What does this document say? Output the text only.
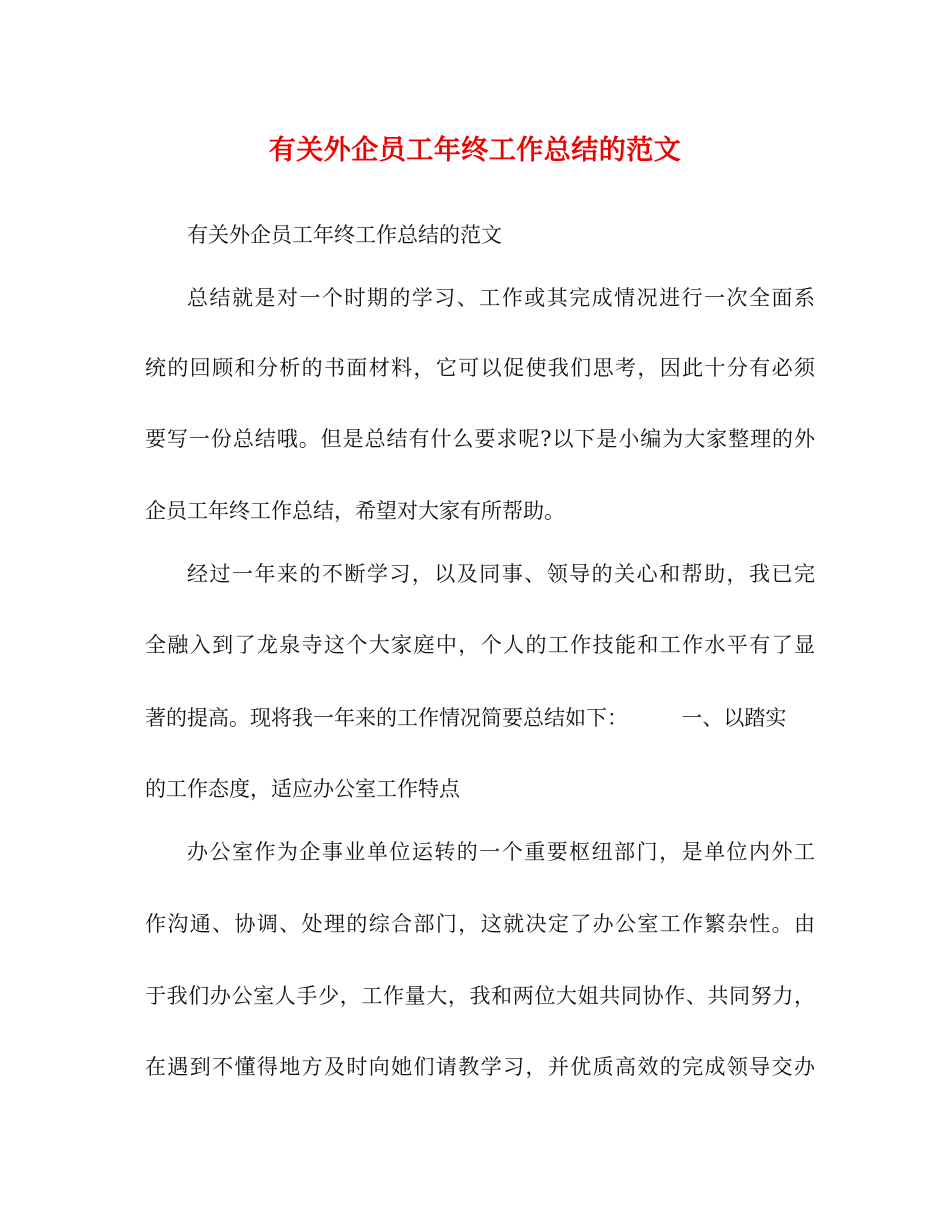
有关外企员工年终工作总结的范文
有关外企员工年终工作总结的范文
总结就是对一个时期的学习、工作或其完成情况进行一次全面系
统的回顾和分析的书面材料，它可以促使我们思考，因此十分有必须
要写一份总结哦。但是总结有什么要求呢?以下是小编为大家整理的外
企员工年终工作总结，希望对大家有所帮助。
经过一年来的不断学习，以及同事、领导的关心和帮助，我已完
全融入到了龙泉寺这个大家庭中，个人的工作技能和工作水平有了显
著的提高。现将我一年来的工作情况简要总结如下：        一、以踏实
的工作态度，适应办公室工作特点
办公室作为企事业单位运转的一个重要枢纽部门，是单位内外工
作沟通、协调、处理的综合部门，这就决定了办公室工作繁杂性。由
于我们办公室人手少，工作量大，我和两位大姐共同协作、共同努力，
在遇到不懂得地方及时向她们请教学习，并优质高效的完成领导交办
